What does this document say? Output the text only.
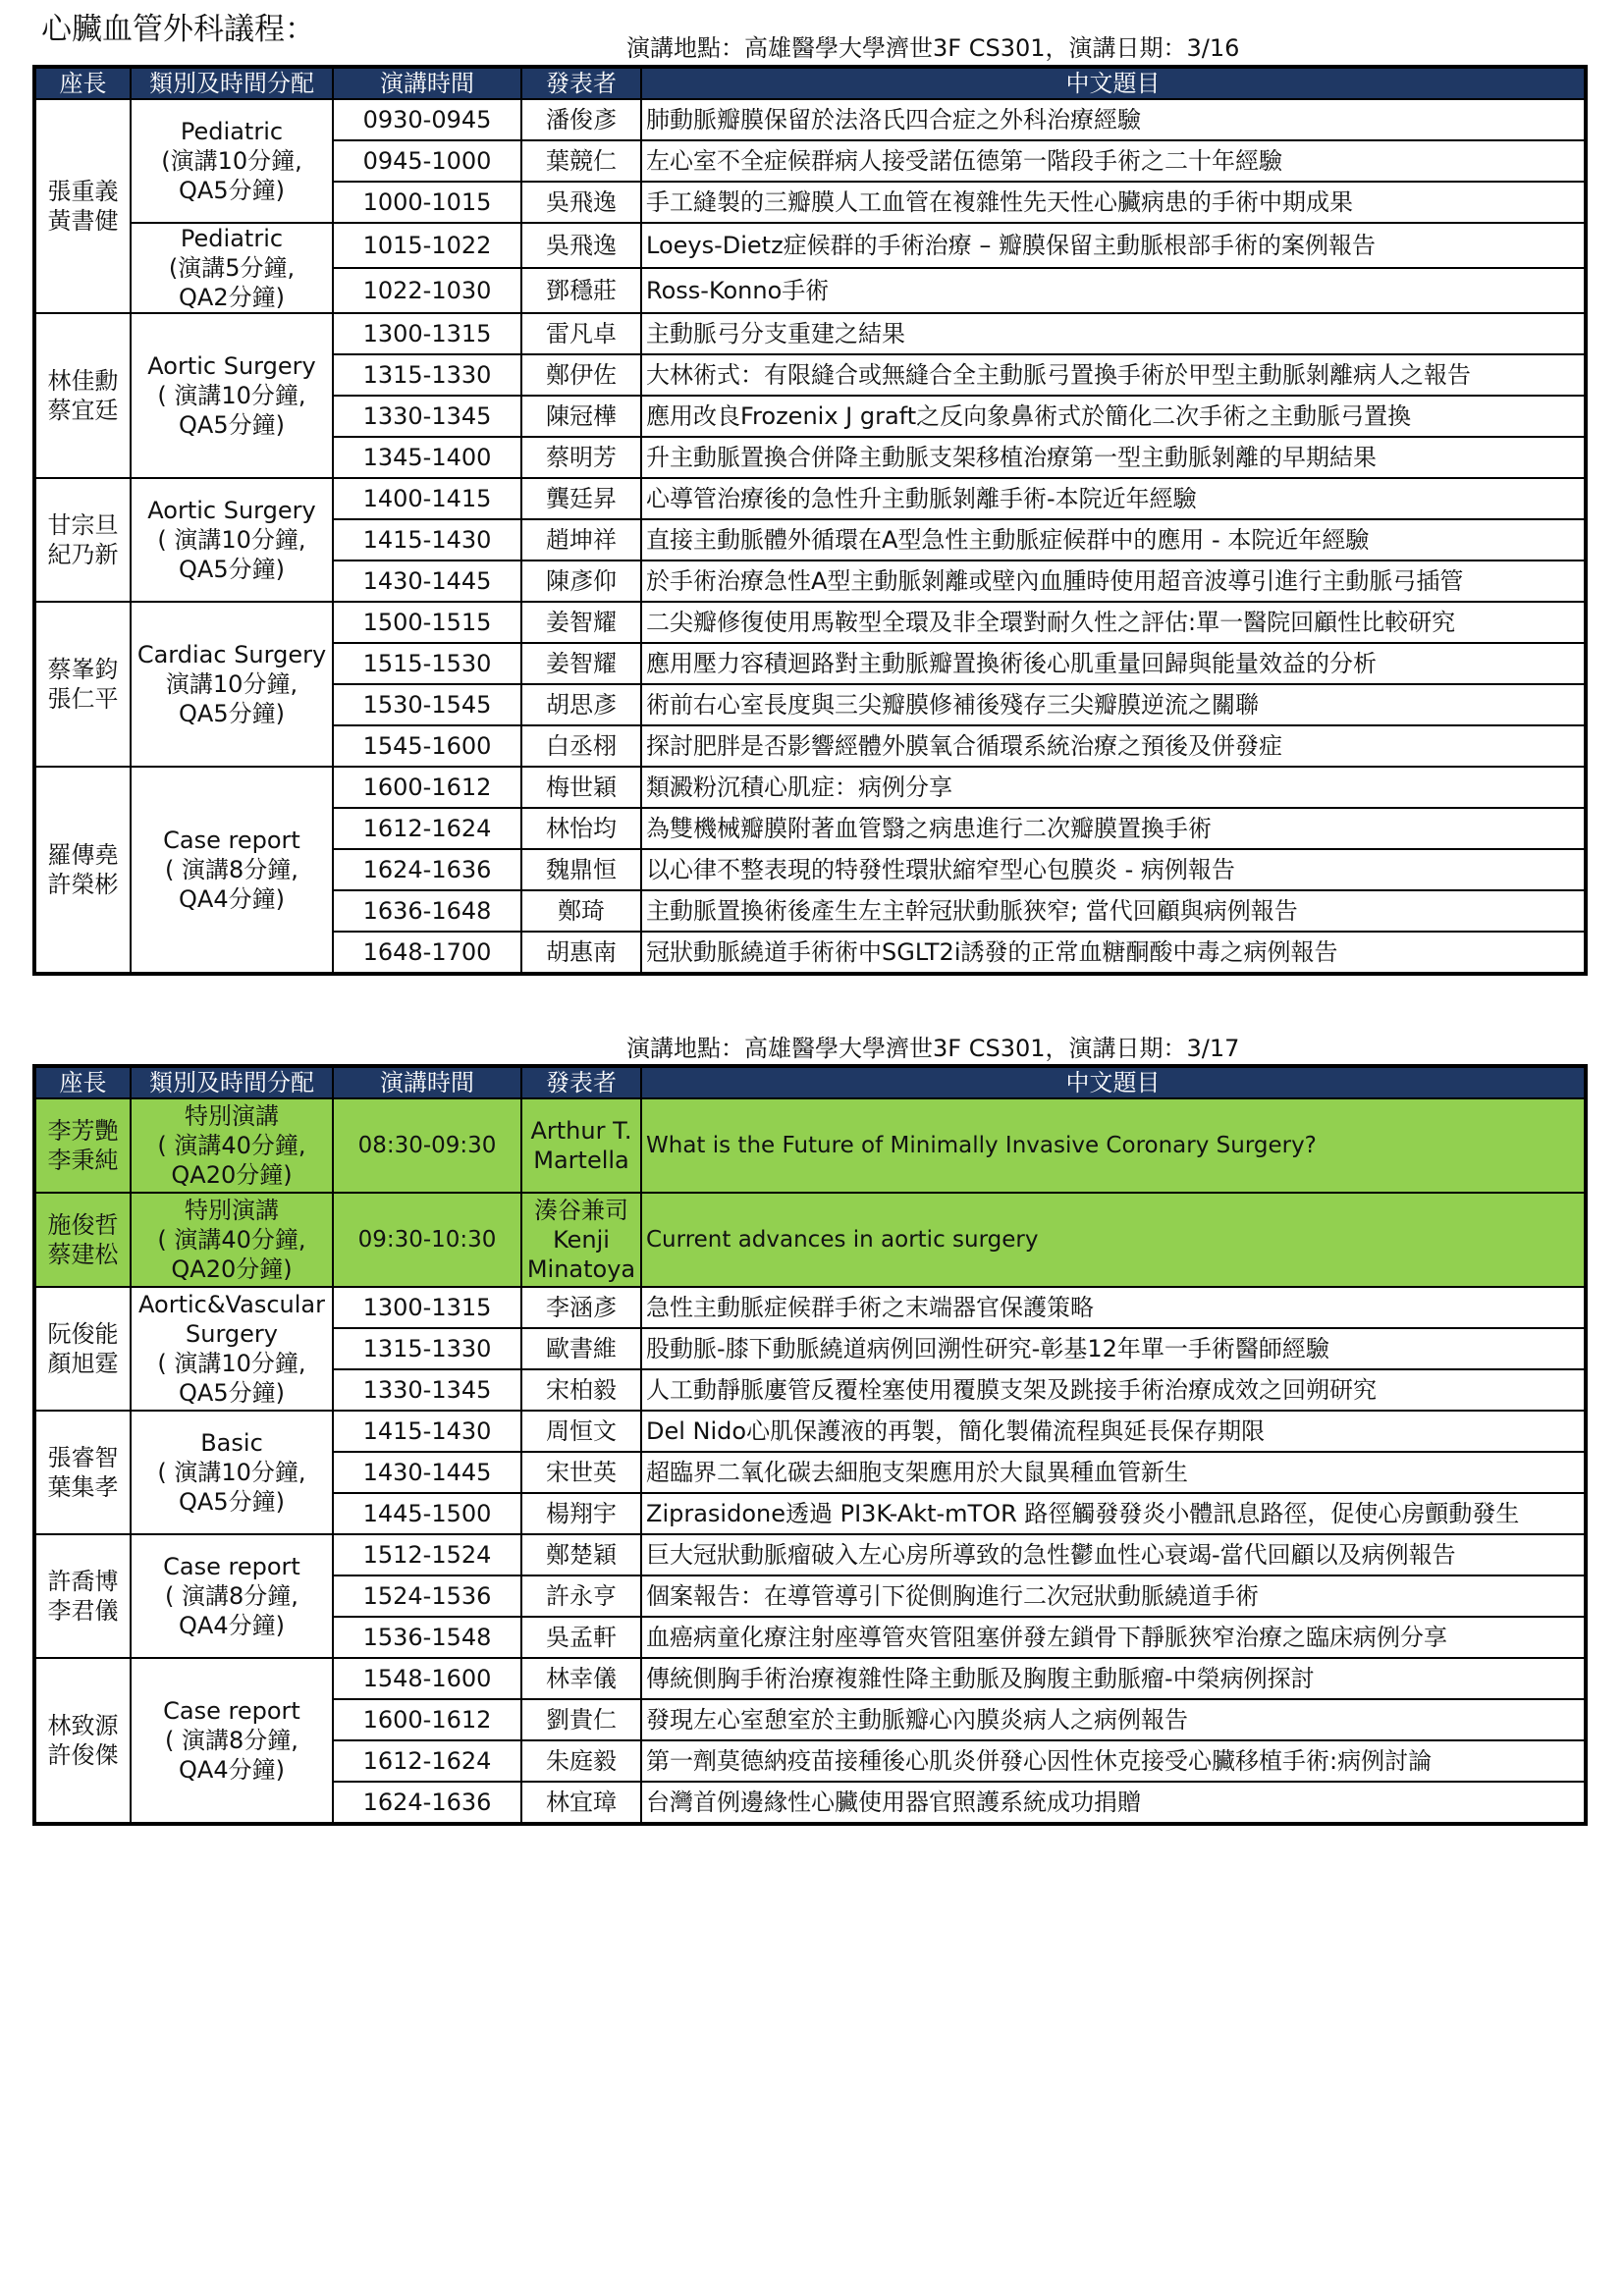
心臟血管外科議程：
演講地點：高雄醫學大學濟世3F CS301，演講日期：3/16
座長	類別及時間分配	演講時間	發表者	中文題目

張重義
黃書健	Pediatric
(演講10分鐘,
QA5分鐘)	0930-0945	潘俊彥	肺動脈瓣膜保留於法洛氏四合症之外科治療經驗
		0945-1000	葉競仁	左心室不全症候群病人接受諾伍德第一階段手術之二十年經驗
		1000-1015	吳飛逸	手工縫製的三瓣膜人工血管在複雜性先天性心臟病患的手術中期成果

	Pediatric
(演講5分鐘,
QA2分鐘)	1015-1022	吳飛逸	Loeys-Dietz症候群的手術治療 – 瓣膜保留主動脈根部手術的案例報告
		1022-1030	鄧穩莊	Ross-Konno手術

林佳勳
蔡宜廷	Aortic Surgery
( 演講10分鐘,
QA5分鐘)	1300-1315	雷凡卓	主動脈弓分支重建之結果
		1315-1330	鄭伊佐	大林術式：有限縫合或無縫合全主動脈弓置換手術於甲型主動脈剝離病人之報告
		1330-1345	陳冠樺	應用改良Frozenix J graft之反向象鼻術式於簡化二次手術之主動脈弓置換
		1345-1400	蔡明芳	升主動脈置換合併降主動脈支架移植治療第一型主動脈剝離的早期結果

甘宗旦
紀乃新	Aortic Surgery
( 演講10分鐘,
QA5分鐘)	1400-1415	龔廷昇	心導管治療後的急性升主動脈剝離手術-本院近年經驗
		1415-1430	趙坤祥	直接主動脈體外循環在A型急性主動脈症候群中的應用 - 本院近年經驗
		1430-1445	陳彥仰	於手術治療急性A型主動脈剝離或壁內血腫時使用超音波導引進行主動脈弓插管

蔡峯鈞
張仁平	Cardiac Surgery
演講10分鐘,
QA5分鐘)	1500-1515	姜智耀	二尖瓣修復使用馬鞍型全環及非全環對耐久性之評估:單一醫院回顧性比較研究
		1515-1530	姜智耀	應用壓力容積迴路對主動脈瓣置換術後心肌重量回歸與能量效益的分析
		1530-1545	胡思彥	術前右心室長度與三尖瓣膜修補後殘存三尖瓣膜逆流之關聯
		1545-1600	白丞栩	探討肥胖是否影響經體外膜氧合循環系統治療之預後及併發症

羅傳堯
許榮彬	Case report
( 演講8分鐘,
QA4分鐘)	1600-1612	梅世穎	類澱粉沉積心肌症：病例分享
		1612-1624	林怡均	為雙機械瓣膜附著血管翳之病患進行二次瓣膜置換手術
		1624-1636	魏鼎恒	以心律不整表現的特發性環狀縮窄型心包膜炎 - 病例報告
		1636-1648	鄭琦	主動脈置換術後產生左主幹冠狀動脈狹窄; 當代回顧與病例報告
		1648-1700	胡惠南	冠狀動脈繞道手術術中SGLT2i誘發的正常血糖酮酸中毒之病例報告
演講地點：高雄醫學大學濟世3F CS301，演講日期：3/17
座長	類別及時間分配	演講時間	發表者	中文題目

李芳艷
李秉純	特別演講
( 演講40分鐘,
QA20分鐘)	08:30-09:30	Arthur T.
Martella	What is the Future of Minimally Invasive Coronary Surgery?

施俊哲
蔡建松	特別演講
( 演講40分鐘,
QA20分鐘)	09:30-10:30	湊谷兼司
Kenji
Minatoya	Current advances in aortic surgery

阮俊能
顏旭霆	Aortic&Vascular
Surgery
( 演講10分鐘,
QA5分鐘)	1300-1315	李涵彥	急性主動脈症候群手術之末端器官保護策略
		1315-1330	歐書維	股動脈-膝下動脈繞道病例回溯性研究-彰基12年單一手術醫師經驗
		1330-1345	宋柏毅	人工動靜脈廔管反覆栓塞使用覆膜支架及跳接手術治療成效之回朔研究

張睿智
葉集孝	Basic
( 演講10分鐘,
QA5分鐘)	1415-1430	周恒文	Del Nido心肌保護液的再製，簡化製備流程與延長保存期限
		1430-1445	宋世英	超臨界二氧化碳去細胞支架應用於大鼠異種血管新生
		1445-1500	楊翔宇	Ziprasidone透過 PI3K-Akt-mTOR 路徑觸發發炎小體訊息路徑，促使心房顫動發生

許喬博
李君儀	Case report
( 演講8分鐘,
QA4分鐘)	1512-1524	鄭楚穎	巨大冠狀動脈瘤破入左心房所導致的急性鬱血性心衰竭-當代回顧以及病例報告
		1524-1536	許永亨	個案報告：在導管導引下從側胸進行二次冠狀動脈繞道手術
		1536-1548	吳孟軒	血癌病童化療注射座導管夾管阻塞併發左鎖骨下靜脈狹窄治療之臨床病例分享

林致源
許俊傑	Case report
( 演講8分鐘,
QA4分鐘)	1548-1600	林幸儀	傳統側胸手術治療複雜性降主動脈及胸腹主動脈瘤-中榮病例探討
		1600-1612	劉貴仁	發現左心室憩室於主動脈瓣心內膜炎病人之病例報告
		1612-1624	朱庭毅	第一劑莫德納疫苗接種後心肌炎併發心因性休克接受心臟移植手術:病例討論
		1624-1636	林宜璋	台灣首例邊緣性心臟使用器官照護系統成功捐贈
